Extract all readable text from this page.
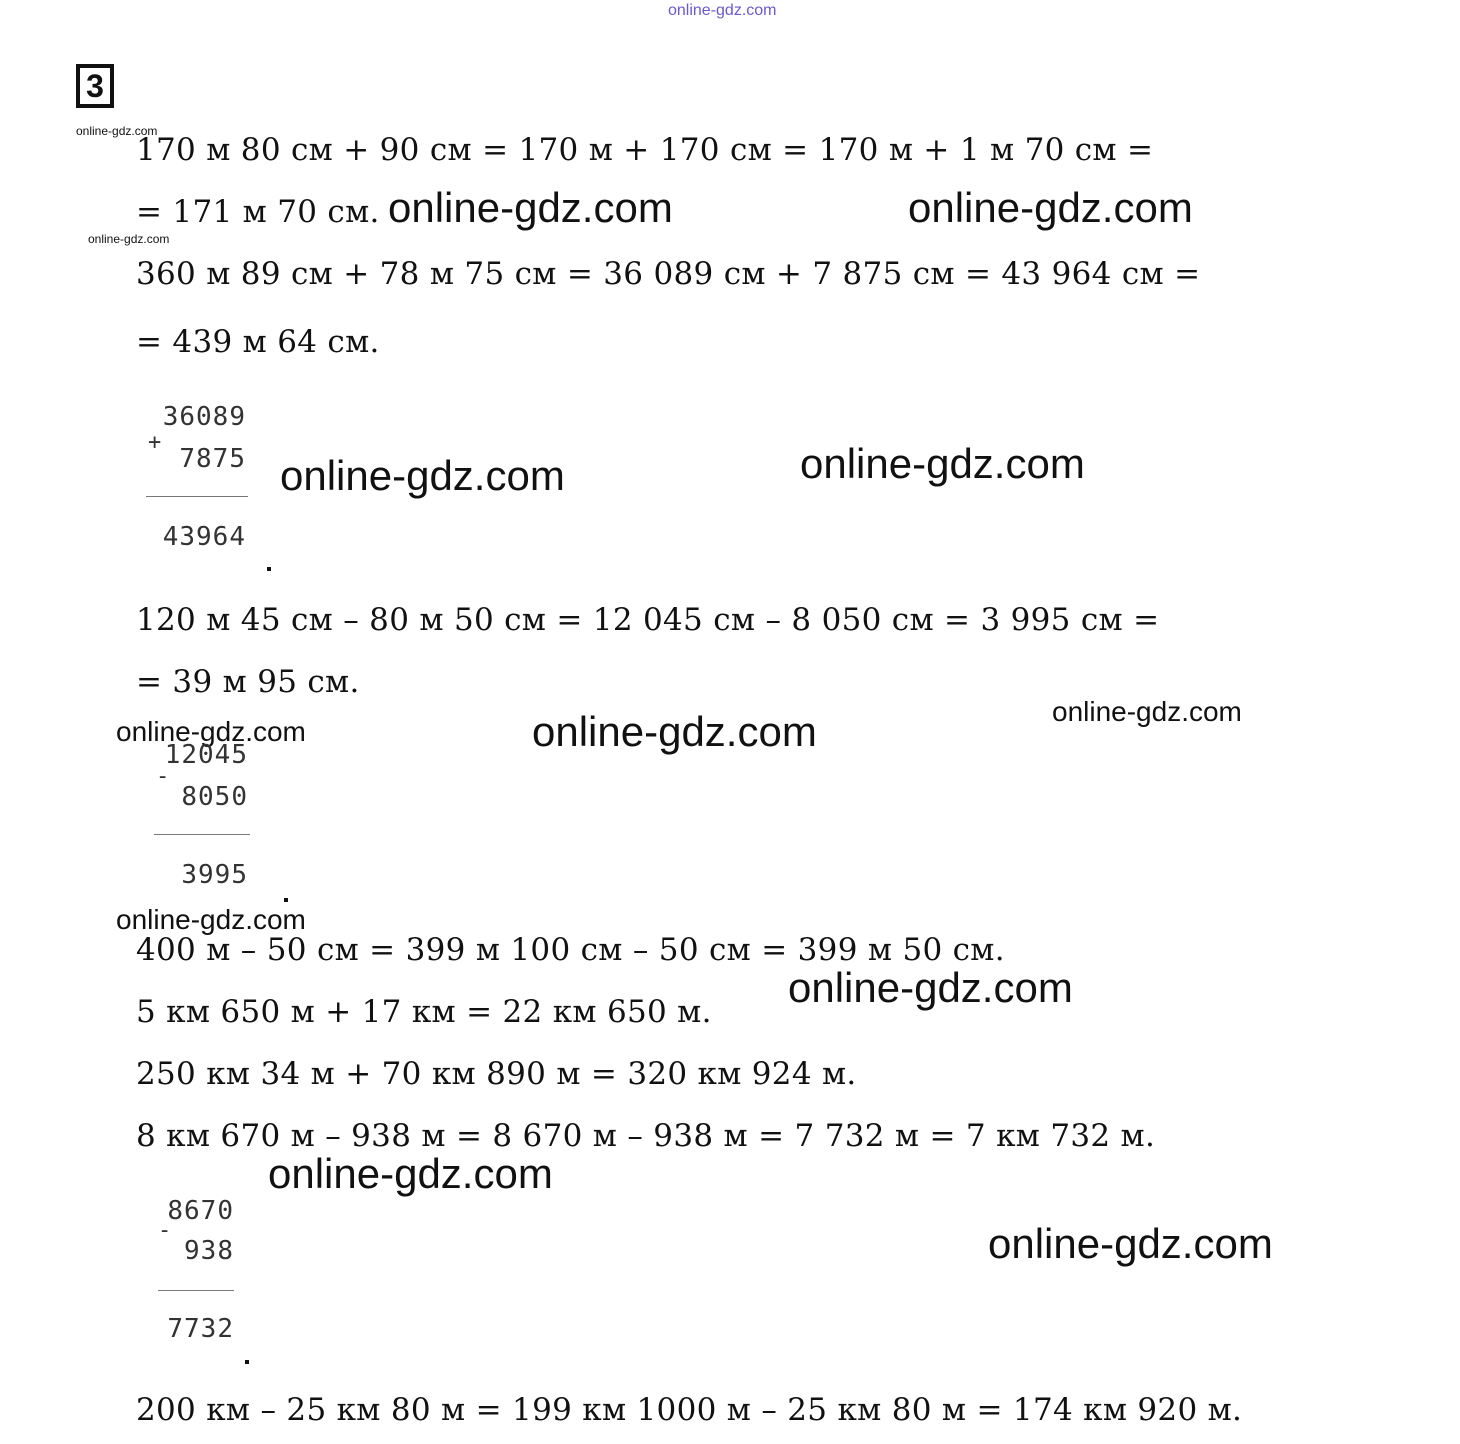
online-gdz.com
3
online-gdz.com
online-gdz.com
online-gdz.com	online-gdz.com
online-gdz.com	online-gdz.com
online-gdz.com	online-gdz.com	online-gdz.com
online-gdz.com
online-gdz.com
online-gdz.com
online-gdz.com
170 м 80 см + 90 см = 170 м + 170 см = 170 м + 1 м 70 см =
= 171 м 70 см.
360 м 89 см + 78 м 75 см = 36 089 см + 7 875 см = 43 964 см =
= 439 м 64 см.
120 м 45 см – 80 м 50 см = 12 045 см – 8 050 см = 3 995 см =
= 39 м 95 см.
400 м – 50 см = 399 м 100 см – 50 см = 399 м 50 см.
5 км 650 м + 17 км = 22 км 650 м.
250 км 34 м + 70 км 890 м = 320 км 924 м.
8 км 670 м – 938 м = 8 670 м – 938 м = 7 732 м = 7 км 732 м.
200 км – 25 км 80 м = 199 км 1000 м – 25 км 80 м = 174 км 920 м.
36089
+
7875
43964
12045
-
8050
3995
8670
-
938
7732
